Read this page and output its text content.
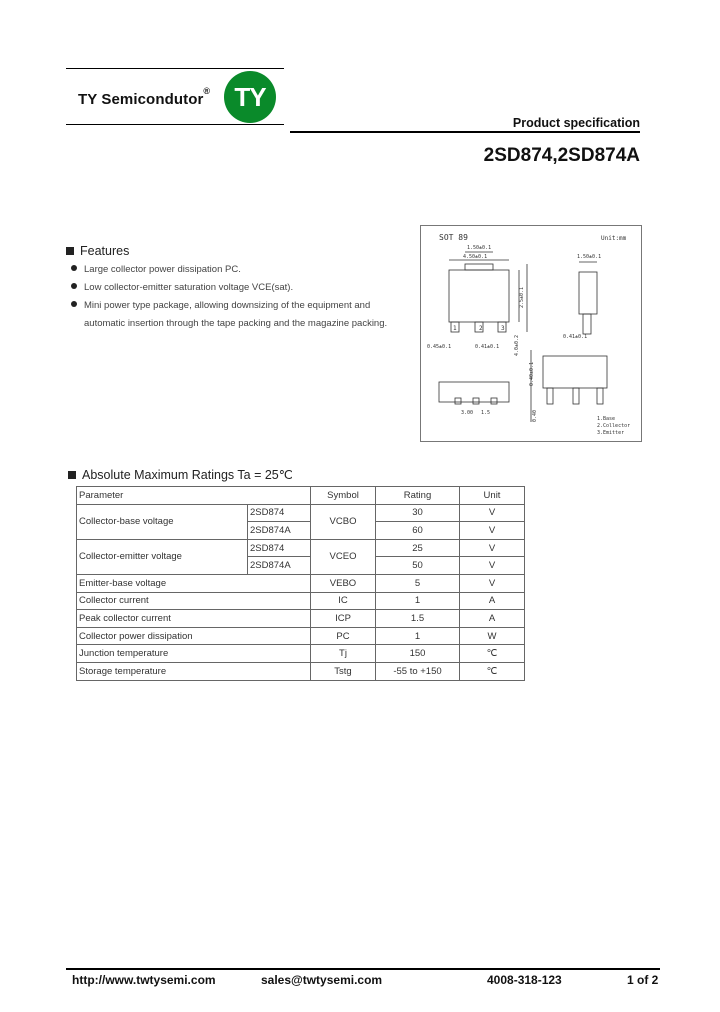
TY Semicondutor® TY
Product specification
2SD874,2SD874A
Features
Large collector power dissipation PC.
Low collector-emitter saturation voltage VCE(sat).
Mini power type package, allowing downsizing of the equipment and
automatic insertion through the tape packing and the magazine packing.
SOT 89	Unit:mm
4.50±0.1
1.50±0.1
0.45±0.1	0.41±0.1
1	2	3
1.50±0.1
0.41±0.1
3.00 1.5
1.Base
2.Collector
3.Emitter
2.5±0.1
4.0±0.2
0.40±0.1
0.40
Absolute Maximum Ratings Ta = 25℃
Parameter		Symbol	Rating	Unit
Collector-base voltage	2SD874	VCBO	30	V
	2SD874A		60	V
Collector-emitter voltage	2SD874	VCEO	25	V
	2SD874A		50	V
Emitter-base voltage		VEBO	5	V
Collector current		IC	1	A
Peak collector current		ICP	1.5	A
Collector power dissipation		PC	1	W
Junction temperature		Tj	150	℃
Storage temperature		Tstg	-55 to +150	℃
http://www.twtysemi.com	sales@twtysemi.com	4008-318-123	1 of 2
